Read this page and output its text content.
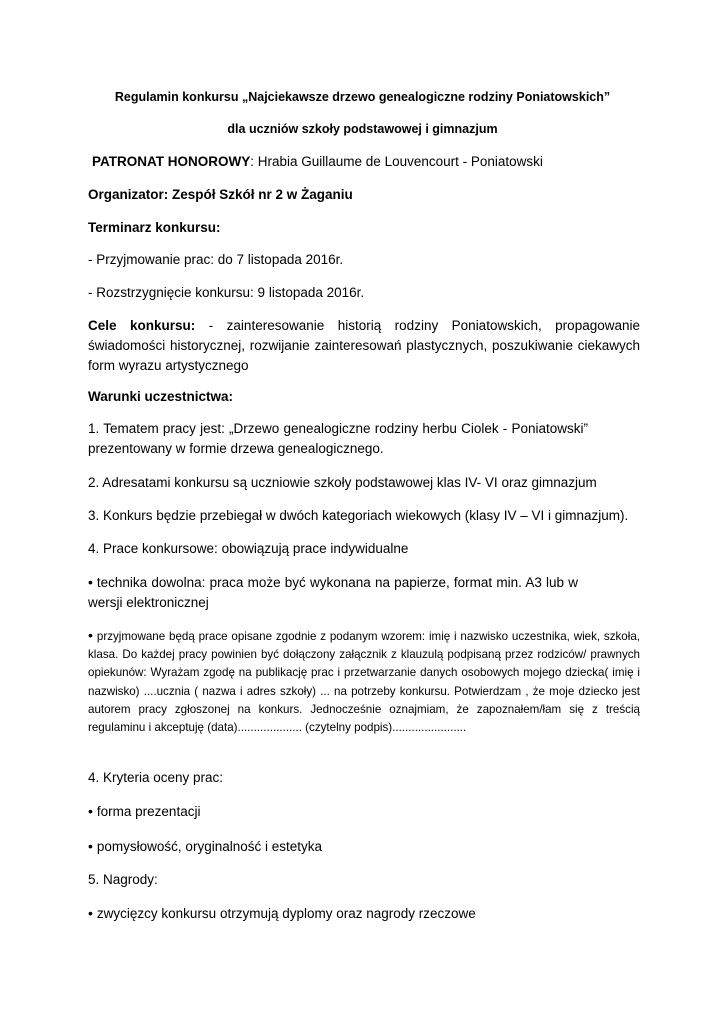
Regulamin konkursu „Najciekawsze drzewo genealogiczne rodziny Poniatowskich”
dla uczniów szkoły podstawowej i gimnazjum
PATRONAT HONOROWY: Hrabia Guillaume de Louvencourt - Poniatowski
Organizator: Zespół Szkół nr 2 w Żaganiu
Terminarz konkursu:
- Przyjmowanie prac: do 7 listopada 2016r.
- Rozstrzygnięcie konkursu: 9 listopada 2016r.
Cele konkursu: - zainteresowanie historią rodziny Poniatowskich, propagowanie świadomości historycznej, rozwijanie zainteresowań plastycznych, poszukiwanie ciekawych form wyrazu artystycznego
Warunki uczestnictwa:
1. Tematem pracy jest: „Drzewo genealogiczne rodziny herbu Ciolek - Poniatowski” prezentowany w formie drzewa genealogicznego.
2. Adresatami konkursu są uczniowie szkoły podstawowej klas IV- VI oraz gimnazjum
3. Konkurs będzie przebiegał w dwóch kategoriach wiekowych (klasy IV – VI i gimnazjum).
4. Prace konkursowe: obowiązują prace indywidualne
• technika dowolna: praca może być wykonana na papierze, format min. A3 lub w wersji elektronicznej
• przyjmowane będą prace opisane zgodnie z podanym wzorem: imię i nazwisko uczestnika, wiek, szkoła, klasa. Do każdej pracy powinien być dołączony załącznik z klauzulą podpisaną przez rodziców/ prawnych opiekunów: Wyrażam zgodę na publikację prac i przetwarzanie danych osobowych mojego dziecka( imię i nazwisko) ....ucznia ( nazwa i adres szkoły) ... na potrzeby konkursu. Potwierdzam , że moje dziecko jest autorem pracy zgłoszonej na konkurs. Jednocześnie oznajmiam, że zapoznałem/łam się z treścią regulaminu i akceptuję (data).................... (czytelny podpis).......................
4. Kryteria oceny prac:
• forma prezentacji
• pomysłowość, oryginalność i estetyka
5. Nagrody:
• zwycięzcy konkursu otrzymują dyplomy oraz nagrody rzeczowe
